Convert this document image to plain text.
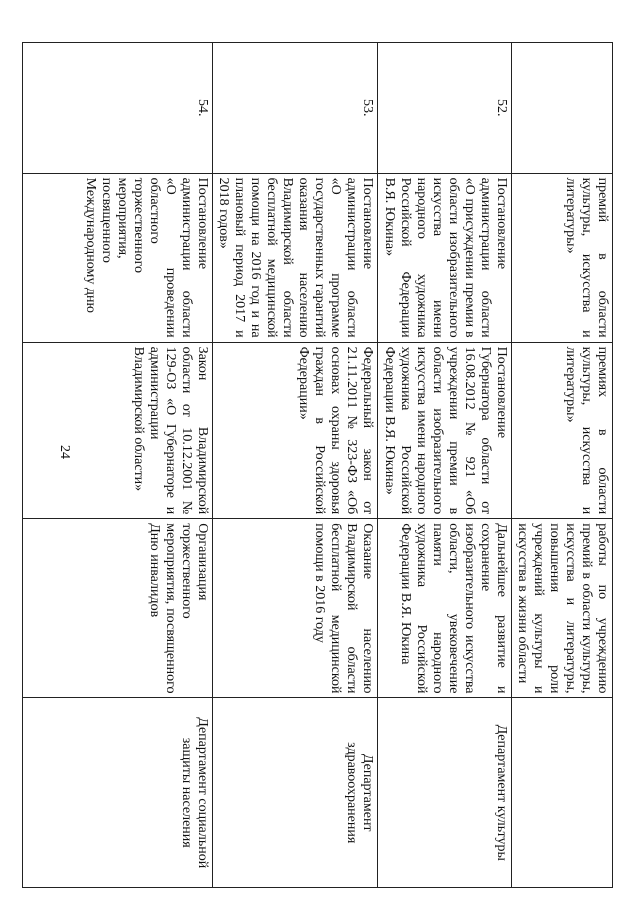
24
	премий в области культуры, искусства и литературы»	премиях в области культуры, искусства и литературы»	работы по учреждению премий в области культуры, искусства и литературы, повышения роли учреждений культуры и искусства в жизни области	
52.	Постановление администрации области «О присуждении премии в области изобразительного искусства имени народного художника Российской Федерации В.Я. Юкина»	Постановление Губернатора области от 16.08.2012 № 921 «Об учреждении премии в области изобразительного искусства имени народного художника Российской Федерации В.Я. Юкина»	Дальнейшее развитие и сохранение изобразительного искусства области, увековечение памяти народного художника Российской Федерации В.Я. Юкина	Департамент культуры
53.	Постановление администрации области «О программе государственных гарантий оказания населению Владимирской области бесплатной медицинской помощи на 2016 год и на плановый период 2017 и 2018 годов»	Федеральный закон от 21.11.2011 № 323-ФЗ «Об основах охраны здоровья граждан в Российской Федерации»	Оказание населению Владимирской области бесплатной медицинской помощи в 2016 году	Департамент здравоохранения
54.	Постановление администрации области «О проведении областного торжественного мероприятия, посвященного Международному дню	Закон Владимирской области от 10.12.2001 № 129-ОЗ «О Губернаторе и администрации Владимирской области»	Организация торжественного мероприятия, посвященного Дню инвалидов	Департамент социальной защиты населения
